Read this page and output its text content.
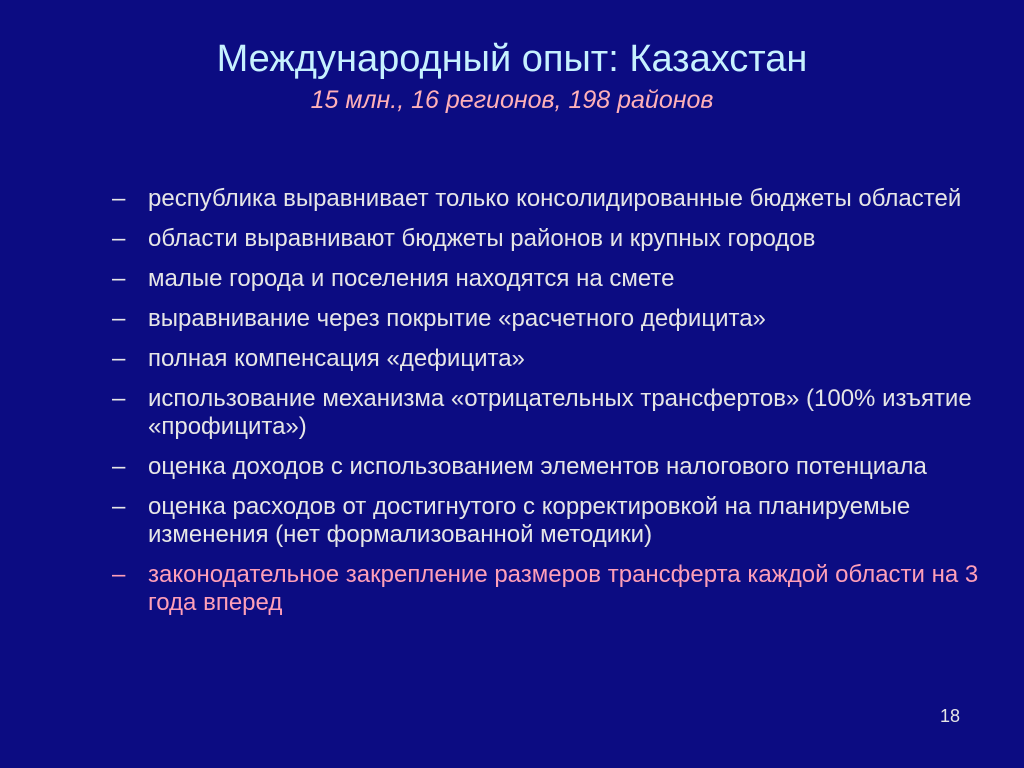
Международный опыт: Казахстан
15 млн., 16 регионов, 198 районов
– республика выравнивает только консолидированные бюджеты областей
– области выравнивают бюджеты районов и крупных городов
– малые города и поселения находятся на смете
– выравнивание через покрытие «расчетного дефицита»
– полная компенсация «дефицита»
– использование механизма «отрицательных трансфертов» (100% изъятие «профицита»)
– оценка доходов с использованием элементов налогового потенциала
– оценка расходов от достигнутого с корректировкой на планируемые изменения (нет формализованной методики)
– законодательное закрепление размеров трансферта каждой области на 3 года вперед
18
